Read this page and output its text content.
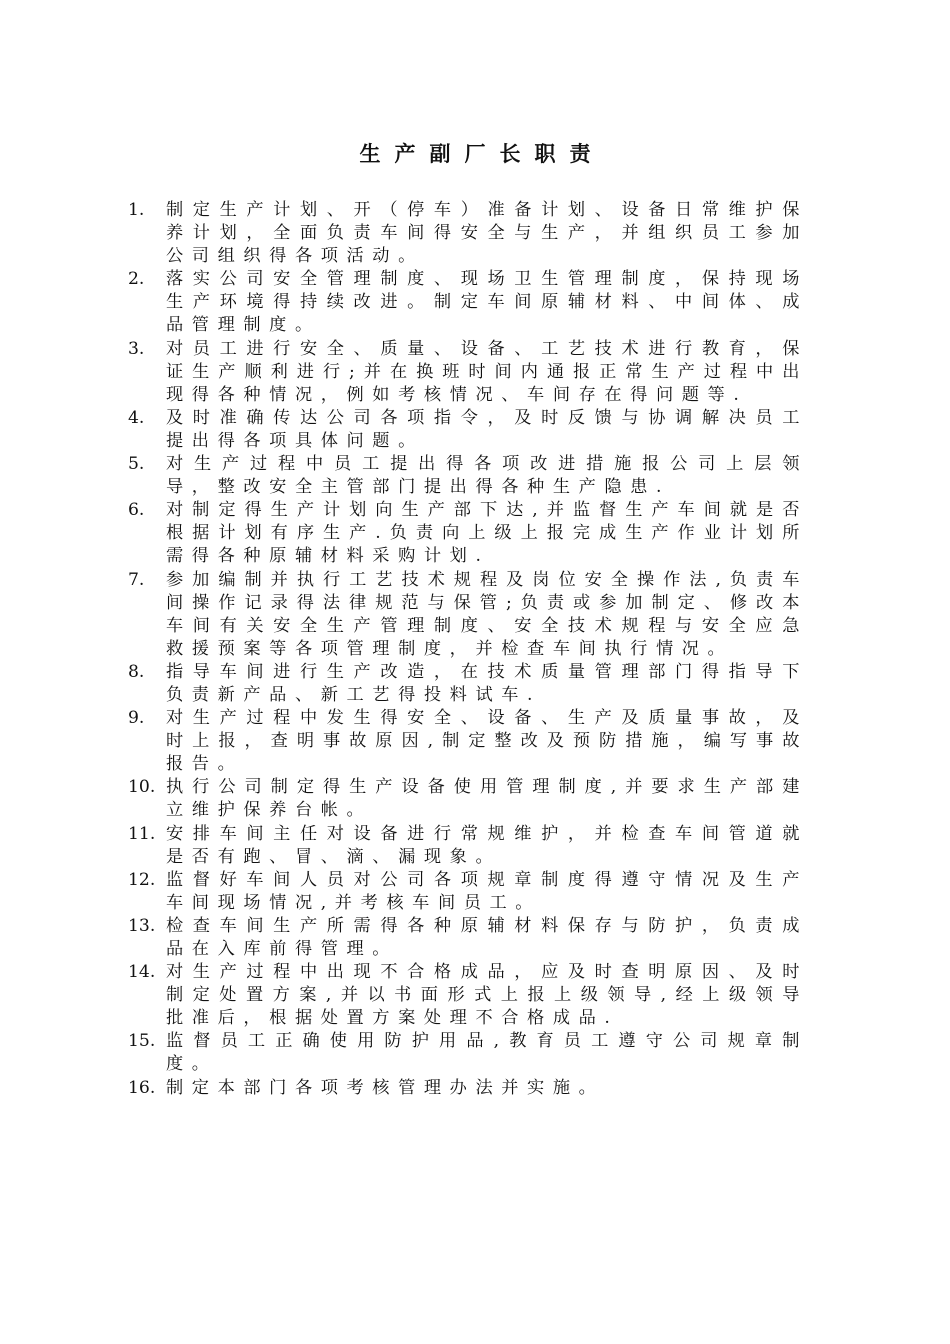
生产副厂长职责
1.	制定生产计划、开（停车）准备计划、设备日常维护保养计划，全面负责车间得安全与生产，并组织员工参加公司组织得各项活动。
2.	落实公司安全管理制度、现场卫生管理制度，保持现场生产环境得持续改进。制定车间原辅材料、中间体、成品管理制度。
3.	对员工进行安全、质量、设备、工艺技术进行教育，保证生产顺利进行;并在换班时间内通报正常生产过程中出现得各种情况，例如考核情况、车间存在得问题等.
4.	及时准确传达公司各项指令，及时反馈与协调解决员工提出得各项具体问题。
5.	对生产过程中员工提出得各项改进措施报公司上层领导，整改安全主管部门提出得各种生产隐患.
6.	对制定得生产计划向生产部下达,并监督生产车间就是否根据计划有序生产.负责向上级上报完成生产作业计划所需得各种原辅材料采购计划.
7.	参加编制并执行工艺技术规程及岗位安全操作法,负责车间操作记录得法律规范与保管;负责或参加制定、修改本车间有关安全生产管理制度、安全技术规程与安全应急救援预案等各项管理制度，并检查车间执行情况。
8.	指导车间进行生产改造，在技术质量管理部门得指导下负责新产品、新工艺得投料试车.
9.	对生产过程中发生得安全、设备、生产及质量事故，及时上报，查明事故原因,制定整改及预防措施，编写事故报告。
10. 执行公司制定得生产设备使用管理制度,并要求生产部建立维护保养台帐。
11. 安排车间主任对设备进行常规维护，并检查车间管道就是否有跑、冒、滴、漏现象。
12. 监督好车间人员对公司各项规章制度得遵守情况及生产车间现场情况,并考核车间员工。
13. 检查车间生产所需得各种原辅材料保存与防护，负责成品在入库前得管理。
14. 对生产过程中出现不合格成品，应及时查明原因、及时制定处置方案,并以书面形式上报上级领导,经上级领导批准后，根据处置方案处理不合格成品.
15. 监督员工正确使用防护用品,教育员工遵守公司规章制度。
16. 制定本部门各项考核管理办法并实施。
